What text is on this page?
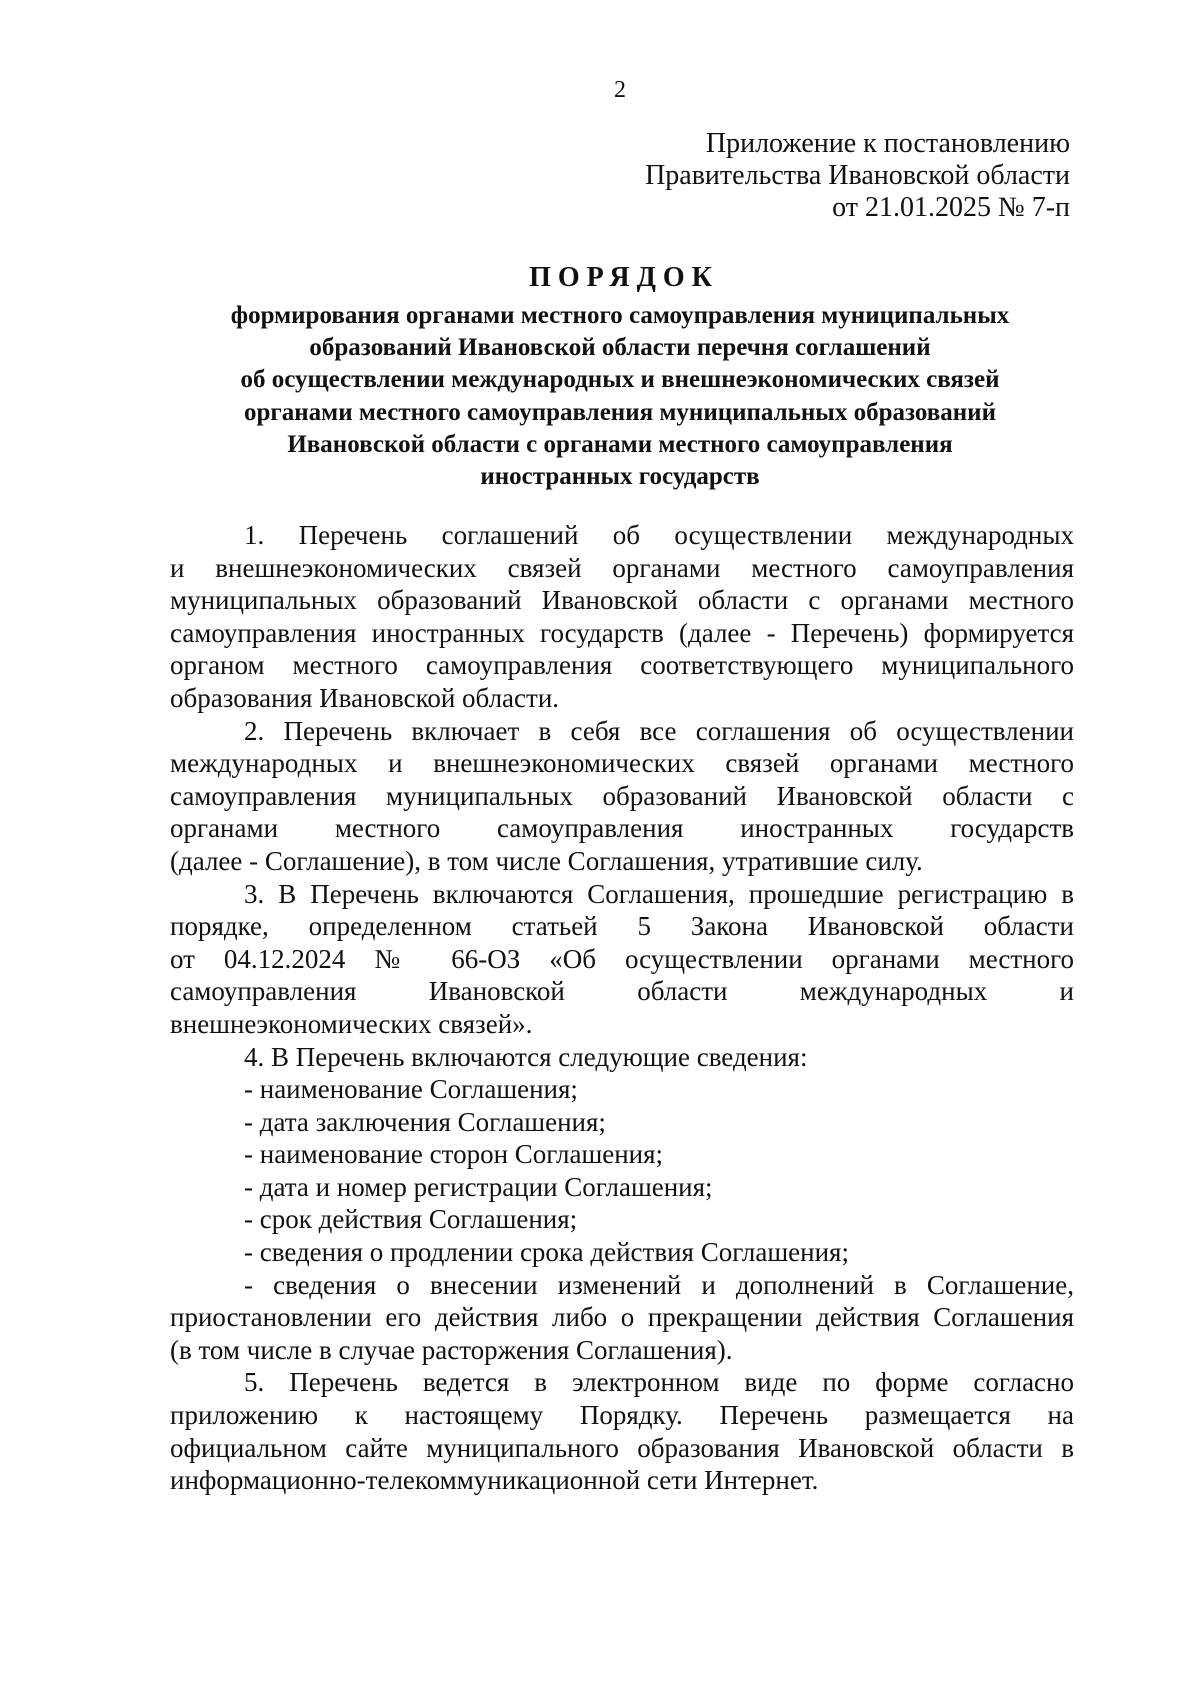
2
Приложение к постановлению
Правительства Ивановской области
от 21.01.2025 № 7-п
ПОРЯДОК
формирования органами местного самоуправления муниципальных
образований Ивановской области перечня соглашений
об осуществлении международных и внешнеэкономических связей
органами местного самоуправления муниципальных образований
Ивановской области с органами местного самоуправления
иностранных государств
1. Перечень соглашений об осуществлении международных
и внешнеэкономических связей органами местного самоуправления
муниципальных образований Ивановской области с органами местного
самоуправления иностранных государств (далее - Перечень) формируется
органом местного самоуправления соответствующего муниципального
образования Ивановской области.
2. Перечень включает в себя все соглашения об осуществлении
международных и внешнеэкономических связей органами местного
самоуправления муниципальных образований Ивановской области с
органами местного самоуправления иностранных государств
(далее - Соглашение), в том числе Соглашения, утратившие силу.
3. В Перечень включаются Соглашения, прошедшие регистрацию в
порядке, определенном статьей 5 Закона Ивановской области
от 04.12.2024 № 66-ОЗ «Об осуществлении органами местного
самоуправления Ивановской области международных и
внешнеэкономических связей».
4. В Перечень включаются следующие сведения:
- наименование Соглашения;
- дата заключения Соглашения;
- наименование сторон Соглашения;
- дата и номер регистрации Соглашения;
- срок действия Соглашения;
- сведения о продлении срока действия Соглашения;
- сведения о внесении изменений и дополнений в Соглашение,
приостановлении его действия либо о прекращении действия Соглашения
(в том числе в случае расторжения Соглашения).
5. Перечень ведется в электронном виде по форме согласно
приложению к настоящему Порядку. Перечень размещается на
официальном сайте муниципального образования Ивановской области в
информационно-телекоммуникационной сети Интернет.
